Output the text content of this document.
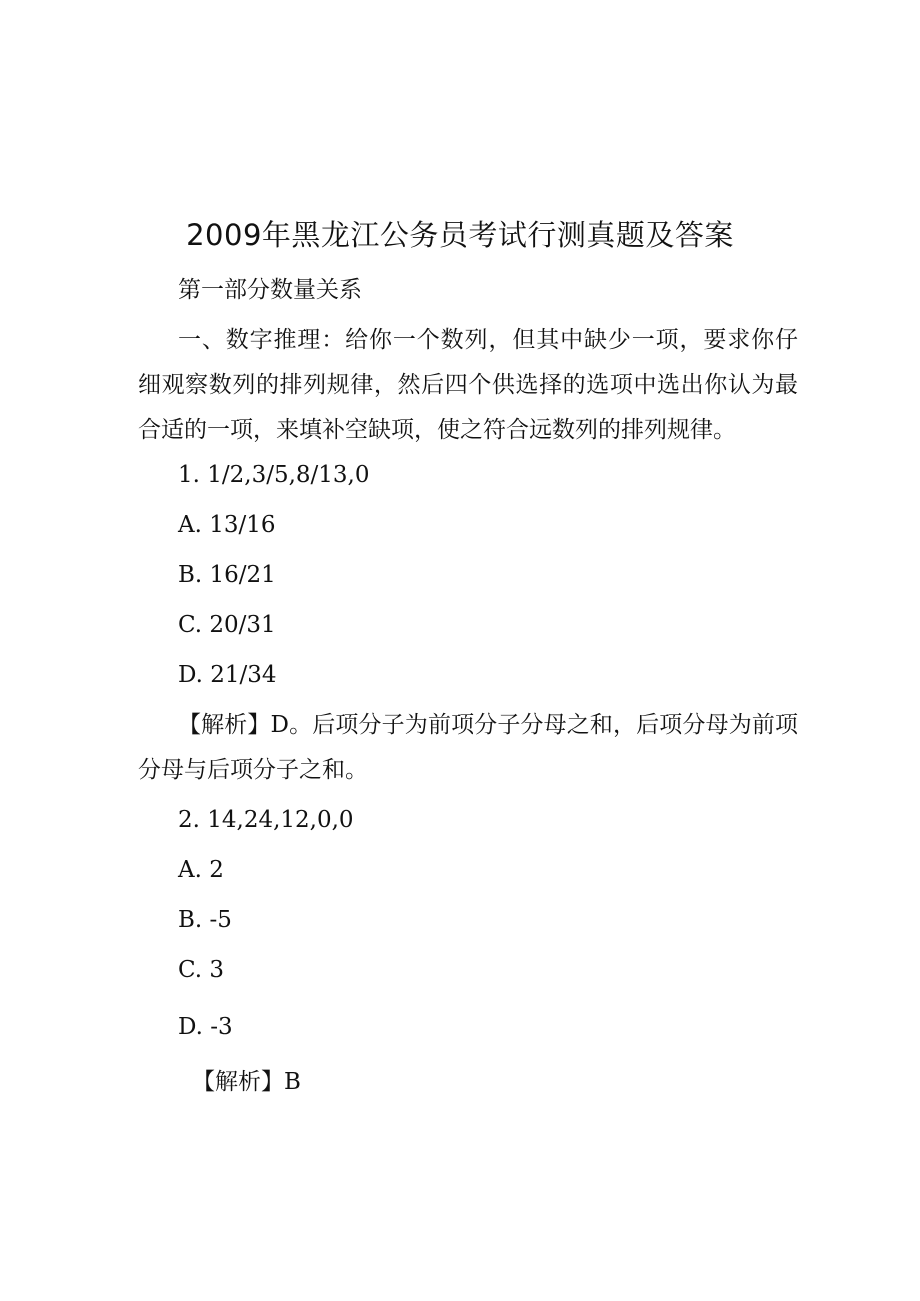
2009年黑龙江公务员考试行测真题及答案
第一部分数量关系

一、数字推理：给你一个数列，但其中缺少一项，要求你仔细观察数列的排列规律，然后四个供选择的选项中选出你认为最合适的一项，来填补空缺项，使之符合远数列的排列规律。

1. 1/2,3/5,8/13,0
A. 13/16
B. 16/21
C. 20/31
D. 21/34

【解析】D。后项分子为前项分子分母之和，后项分母为前项分母与后项分子之和。

2. 14,24,12,0,0
A. 2
B. -5
C. 3
D. -3
【解析】B
